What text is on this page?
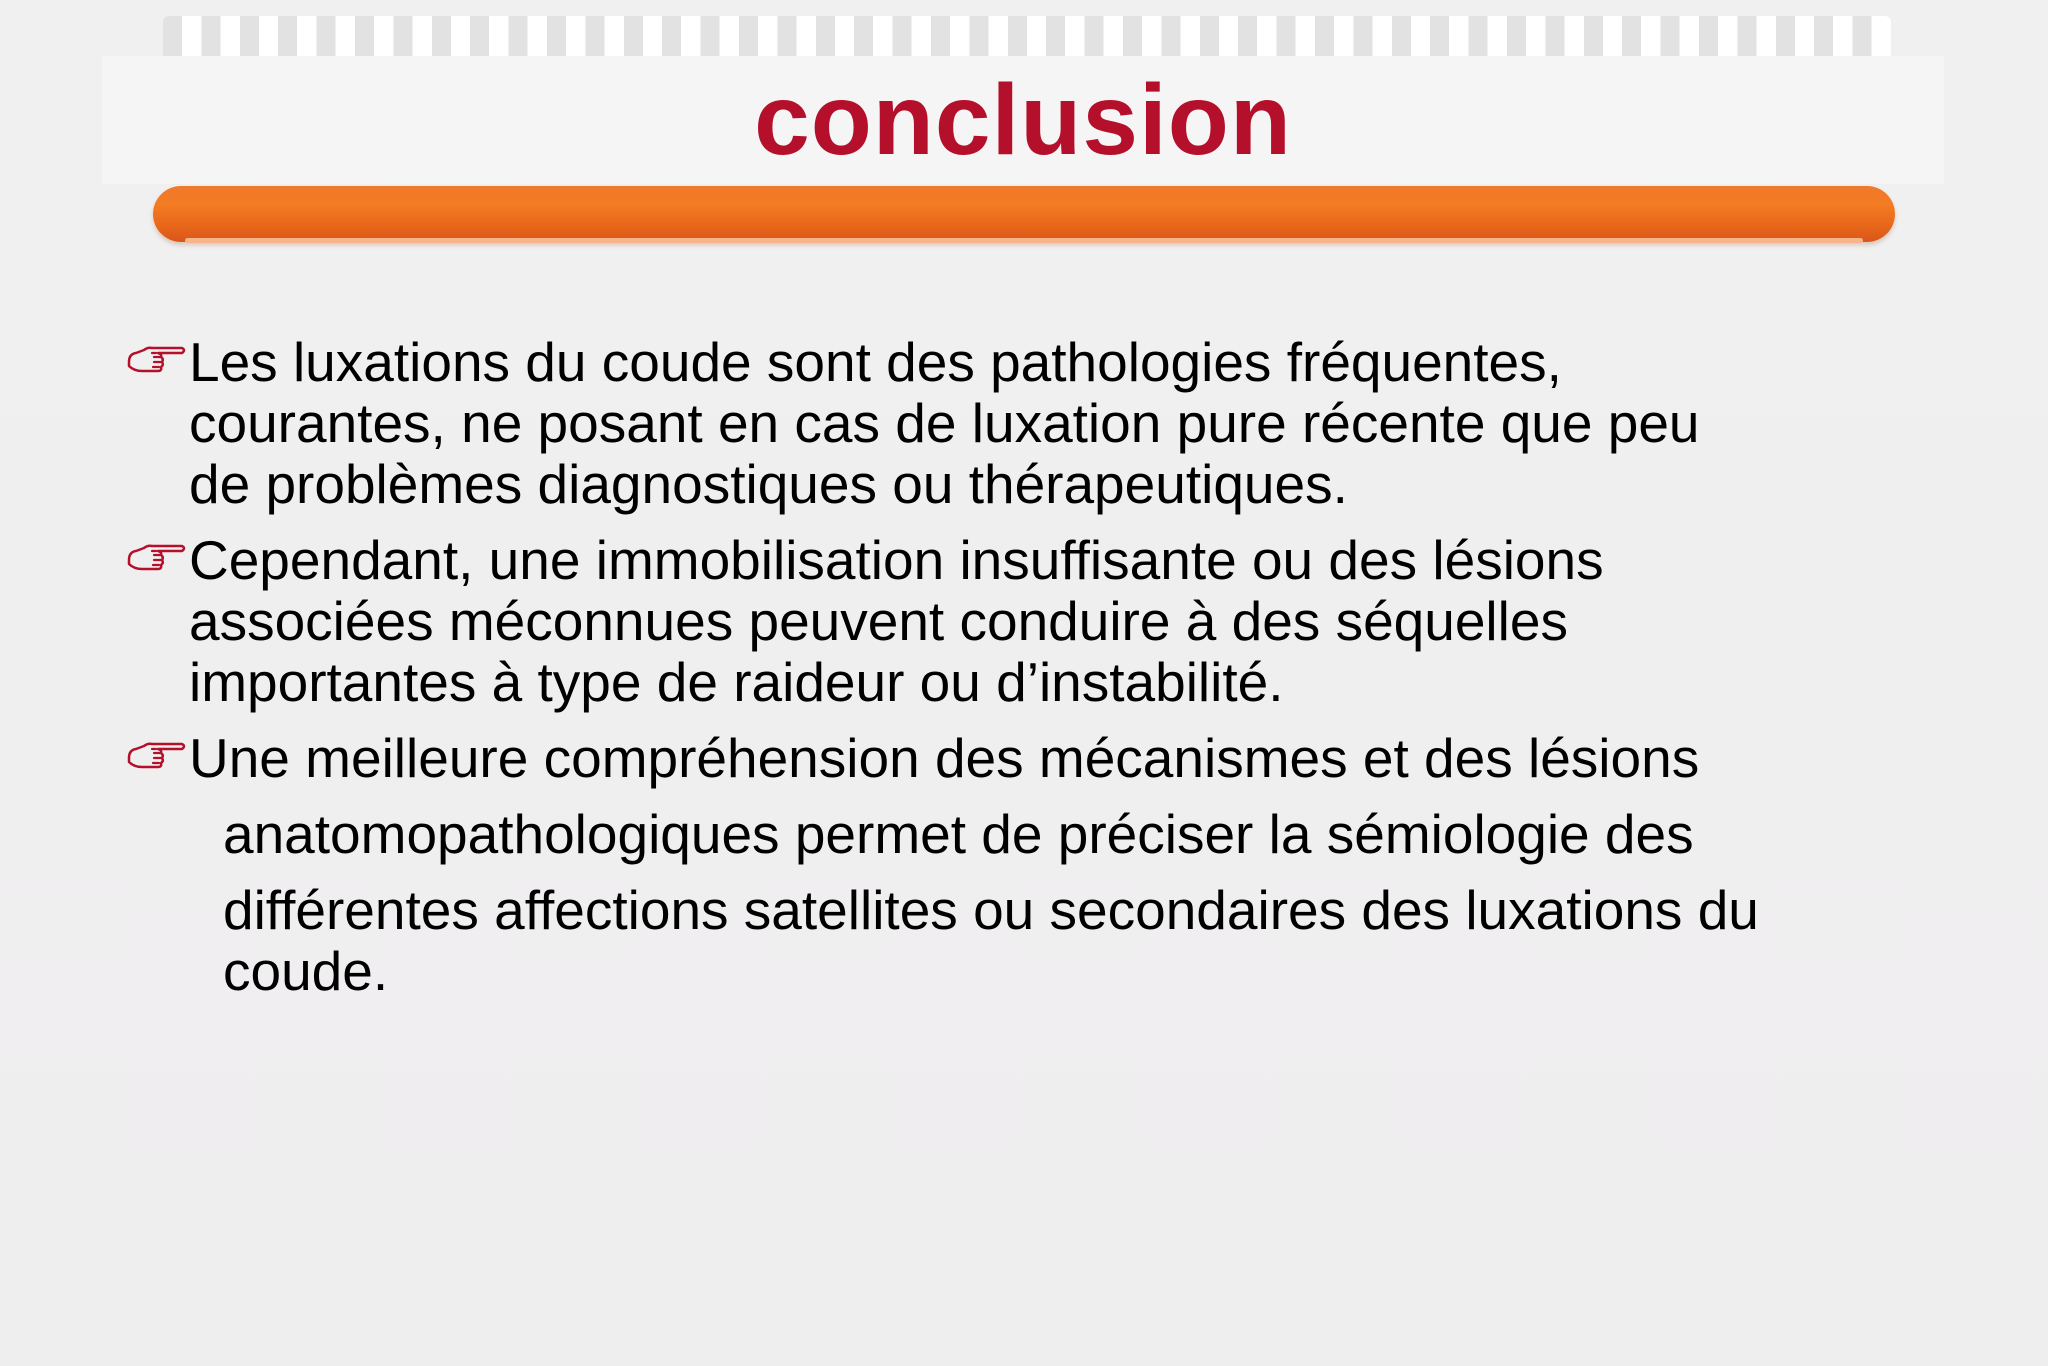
conclusion
Les luxations du coude sont des pathologies fréquentes,
courantes, ne posant en cas de luxation pure récente que peu
de problèmes diagnostiques ou thérapeutiques.
Cependant, une immobilisation insuffisante ou des lésions
associées méconnues peuvent conduire à des séquelles
importantes à type de raideur ou d’instabilité.

Une meilleure compréhension des mécanismes et des lésions

anatomopathologiques permet de préciser la sémiologie des

différentes affections satellites ou secondaires des luxations du

coude.
